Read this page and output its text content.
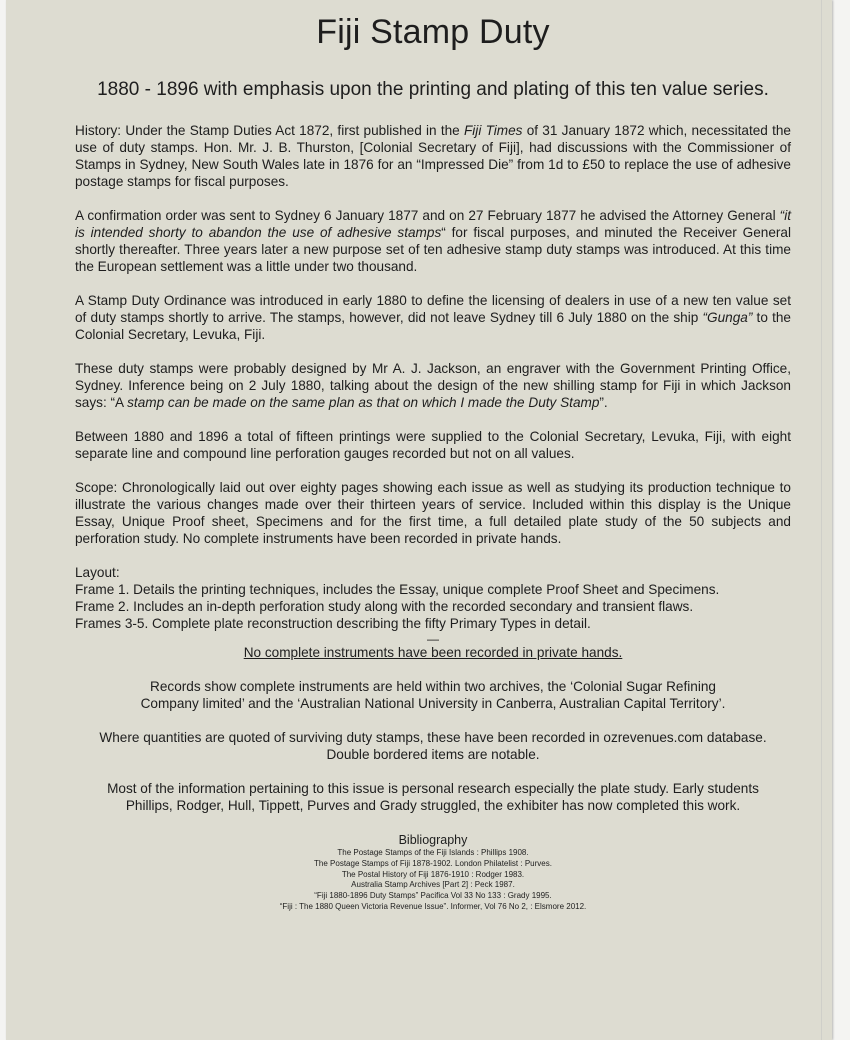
Fiji Stamp Duty

1880 - 1896 with emphasis upon the printing and plating of this ten value series.

History: Under the Stamp Duties Act 1872, first published in the Fiji Times of 31 January 1872 which, necessitated the use of duty stamps. Hon. Mr. J. B. Thurston, [Colonial Secretary of Fiji], had discussions with the Commissioner of Stamps in Sydney, New South Wales late in 1876 for an “Impressed Die” from 1d to £50 to replace the use of adhesive postage stamps for fiscal purposes.

A confirmation order was sent to Sydney 6 January 1877 and on 27 February 1877 he advised the Attorney General “it is intended shorty to abandon the use of adhesive stamps“ for fiscal purposes, and minuted the Receiver General shortly thereafter. Three years later a new purpose set of ten adhesive stamp duty stamps was introduced. At this time the European settlement was a little under two thousand.

A Stamp Duty Ordinance was introduced in early 1880 to define the licensing of dealers in use of a new ten value set of duty stamps shortly to arrive. The stamps, however, did not leave Sydney till 6 July 1880 on the ship “Gunga” to the Colonial Secretary, Levuka, Fiji.

These duty stamps were probably designed by Mr A. J. Jackson, an engraver with the Government Printing Office, Sydney. Inference being on 2 July 1880, talking about the design of the new shilling stamp for Fiji in which Jackson says: “A stamp can be made on the same plan as that on which I made the Duty Stamp”.

Between 1880 and 1896 a total of fifteen printings were supplied to the Colonial Secretary, Levuka, Fiji, with eight separate line and compound line perforation gauges recorded but not on all values.

Scope: Chronologically laid out over eighty pages showing each issue as well as studying its production technique to illustrate the various changes made over their thirteen years of service. Included within this display is the Unique Essay, Unique Proof sheet, Specimens and for the first time, a full detailed plate study of the 50 subjects and perforation study. No complete instruments have been recorded in private hands.

Layout:

Frame 1. Details the printing techniques, includes the Essay, unique complete Proof Sheet and Specimens.

Frame 2. Includes an in-depth perforation study along with the recorded secondary and transient flaws.

Frames 3-5. Complete plate reconstruction describing the fifty Primary Types in detail.

—

No complete instruments have been recorded in private hands.

Records show complete instruments are held within two archives, the ‘Colonial Sugar Refining

Company limited’ and the ‘Australian National University in Canberra, Australian Capital Territory’.

Where quantities are quoted of surviving duty stamps, these have been recorded in ozrevenues.com database.

Double bordered items are notable.

Most of the information pertaining to this issue is personal research especially the plate study. Early students

Phillips, Rodger, Hull, Tippett, Purves and Grady struggled, the exhibiter has now completed this work.

Bibliography

The Postage Stamps of the Fiji Islands : Phillips 1908.

The Postage Stamps of Fiji 1878-1902. London Philatelist : Purves.

The Postal History of Fiji 1876-1910 : Rodger 1983.

Australia Stamp Archives [Part 2] : Peck 1987.

“Fiji 1880-1896 Duty Stamps” Pacifica Vol 33 No 133 : Grady 1995.

“Fiji : The 1880 Queen Victoria Revenue Issue”. Informer, Vol 76 No 2, : Elsmore 2012.
